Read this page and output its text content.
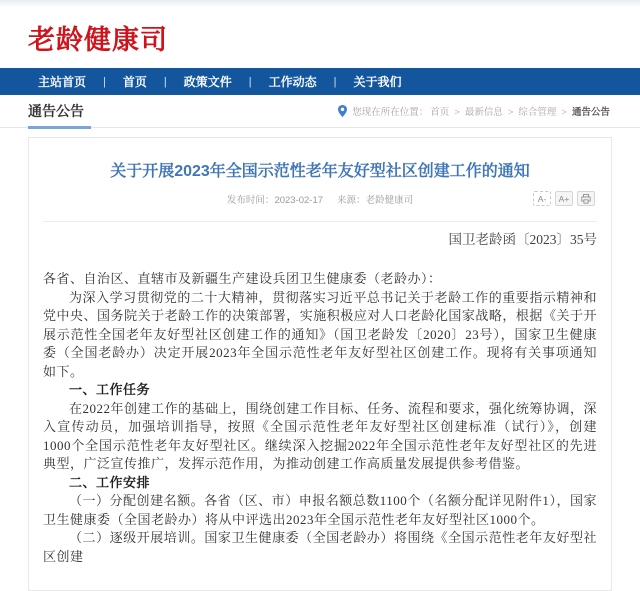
老龄健康司
主站首页 | 首页 | 政策文件 | 工作动态 | 关于我们
通告公告	您现在所在位置： 首页 > 最新信息 > 综合管理 > 通告公告
关于开展2023年全国示范性老年友好型社区创建工作的通知
发布时间：2023-02-17 来源：老龄健康司	A-	A+
国卫老龄函〔2023〕35号
各省、自治区、直辖市及新疆生产建设兵团卫生健康委（老龄办）：
为深入学习贯彻党的二十大精神，贯彻落实习近平总书记关于老龄工作的重要指示精神和党中央、国务院关于老龄工作的决策部署，实施积极应对人口老龄化国家战略，根据《关于开展示范性全国老年友好型社区创建工作的通知》（国卫老龄发〔2020〕23号），国家卫生健康委（全国老龄办）决定开展2023年全国示范性老年友好型社区创建工作。现将有关事项通知如下。
一、工作任务
在2022年创建工作的基础上，围绕创建工作目标、任务、流程和要求，强化统筹协调，深入宣传动员，加强培训指导，按照《全国示范性老年友好型社区创建标准（试行）》，创建1000个全国示范性老年友好型社区。继续深入挖掘2022年全国示范性老年友好型社区的先进典型，广泛宣传推广，发挥示范作用，为推动创建工作高质量发展提供参考借鉴。
二、工作安排
（一）分配创建名额。各省（区、市）申报名额总数1100个（名额分配详见附件1），国家卫生健康委（全国老龄办）将从中评选出2023年全国示范性老年友好型社区1000个。
（二）逐级开展培训。国家卫生健康委（全国老龄办）将围绕《全国示范性老年友好型社区创建
